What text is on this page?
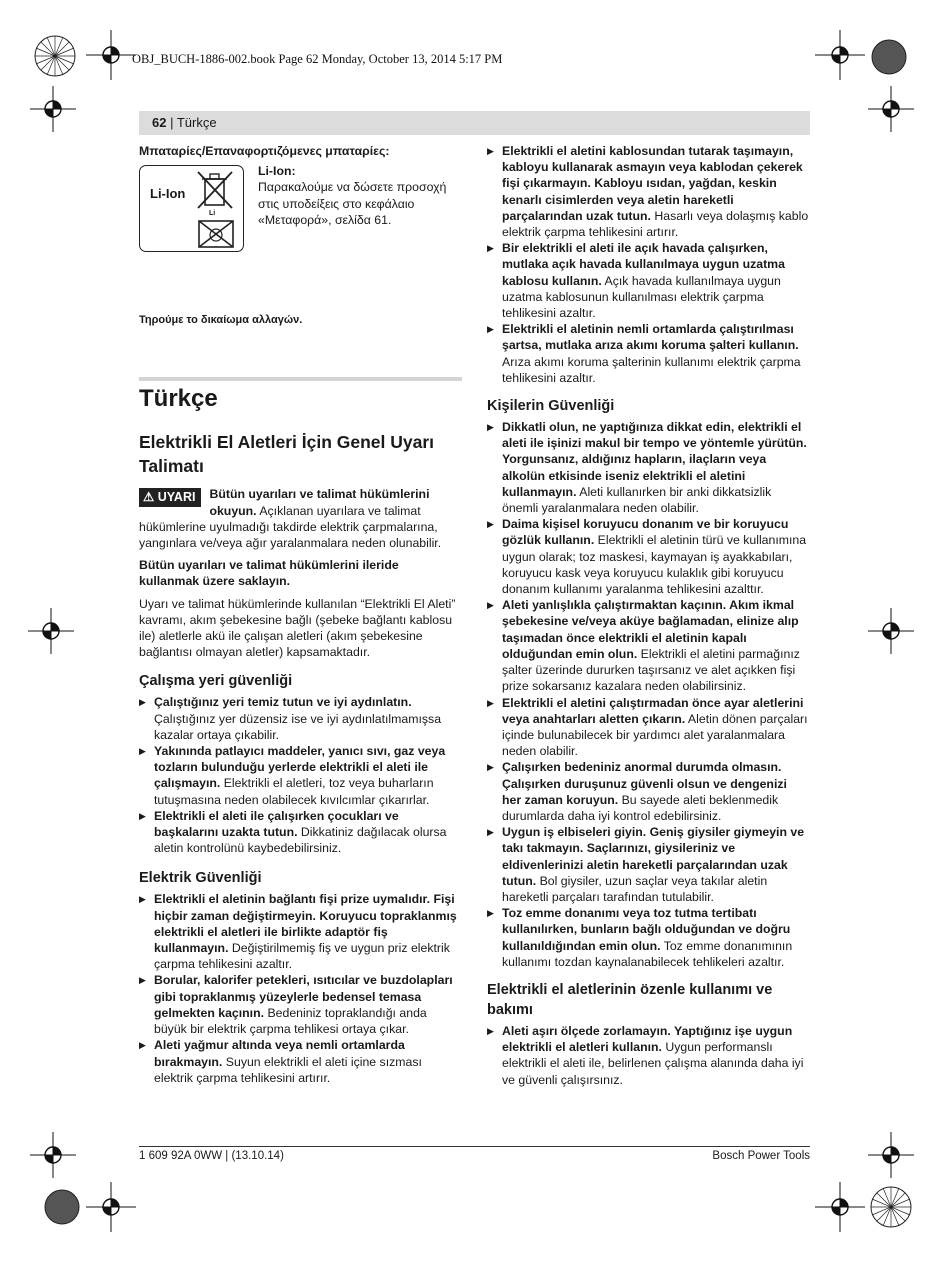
OBJ_BUCH-1886-002.book Page 62 Monday, October 13, 2014 5:17 PM
62 | Türkçe

Μπαταρίες/Επαναφορτιζόμενες μπαταρίες:

Li-Ion
Li

Li-Ion:

Παρακαλούμε να δώσετε προσοχή στις υποδείξεις στο κεφάλαιο «Μεταφορά», σελίδα 61.

Τηρούμε το δικαίωμα αλλαγών.

Türkçe
Elektrikli El Aletleri İçin Genel Uyarı Talimatı

⚠ UYARI	Bütün uyarıları ve talimat hükümlerini okuyun. Açıklanan uyarılara ve talimat hükümlerine uyulmadığı takdirde elektrik çarpmalarına, yangınlara ve/veya ağır yaralanmalara neden olunabilir.

Bütün uyarıları ve talimat hükümlerini ileride kullanmak üzere saklayın.

Uyarı ve talimat hükümlerinde kullanılan “Elektrikli El Aleti” kavramı, akım şebekesine bağlı (şebeke bağlantı kablosu ile) aletlerle akü ile çalışan aletleri (akım şebekesine bağlantısı olmayan aletler) kapsamaktadır.

Çalışma yeri güvenliği

▶ Çalıştığınız yeri temiz tutun ve iyi aydınlatın. Çalıştığınız yer düzensiz ise ve iyi aydınlatılmamışsa kazalar ortaya çıkabilir.

▶ Yakınında patlayıcı maddeler, yanıcı sıvı, gaz veya tozların bulunduğu yerlerde elektrikli el aleti ile çalışmayın. Elektrikli el aletleri, toz veya buharların tutuşmasına neden olabilecek kıvılcımlar çıkarırlar.

▶ Elektrikli el aleti ile çalışırken çocukları ve başkalarını uzakta tutun. Dikkatiniz dağılacak olursa aletin kontrolünü kaybedebilirsiniz.

Elektrik Güvenliği

▶ Elektrikli el aletinin bağlantı fişi prize uymalıdır. Fişi hiçbir zaman değiştirmeyin. Koruyucu topraklanmış elektrikli el aletleri ile birlikte adaptör fiş kullanmayın. Değiştirilmemiş fiş ve uygun priz elektrik çarpma tehlikesini azaltır.

▶ Borular, kalorifer petekleri, ısıtıcılar ve buzdolapları gibi topraklanmış yüzeylerle bedensel temasa gelmekten kaçının. Bedeniniz topraklandığı anda büyük bir elektrik çarpma tehlikesi ortaya çıkar.

▶ Aleti yağmur altında veya nemli ortamlarda bırakmayın. Suyun elektrikli el aleti içine sızması elektrik çarpma tehlikesini artırır.

▶ Elektrikli el aletini kablosundan tutarak taşımayın, kabloyu kullanarak asmayın veya kablodan çekerek fişi çıkarmayın. Kabloyu ısıdan, yağdan, keskin kenarlı cisimlerden veya aletin hareketli parçalarından uzak tutun. Hasarlı veya dolaşmış kablo elektrik çarpma tehlikesini artırır.

▶ Bir elektrikli el aleti ile açık havada çalışırken, mutlaka açık havada kullanılmaya uygun uzatma kablosu kullanın. Açık havada kullanılmaya uygun uzatma kablosunun kullanılması elektrik çarpma tehlikesini azaltır.

▶ Elektrikli el aletinin nemli ortamlarda çalıştırılması şartsa, mutlaka arıza akımı koruma şalteri kullanın. Arıza akımı koruma şalterinin kullanımı elektrik çarpma tehlikesini azaltır.

Kişilerin Güvenliği

▶ Dikkatli olun, ne yaptığınıza dikkat edin, elektrikli el aleti ile işinizi makul bir tempo ve yöntemle yürütün. Yorgunsanız, aldığınız hapların, ilaçların veya alkolün etkisinde iseniz elektrikli el aletini kullanmayın. Aleti kullanırken bir anki dikkatsizlik önemli yaralanmalara neden olabilir.

▶ Daima kişisel koruyucu donanım ve bir koruyucu gözlük kullanın. Elektrikli el aletinin türü ve kullanımına uygun olarak; toz maskesi, kaymayan iş ayakkabıları, koruyucu kask veya koruyucu kulaklık gibi koruyucu donanım kullanımı yaralanma tehlikesini azalttır.

▶ Aleti yanlışlıkla çalıştırmaktan kaçının. Akım ikmal şebekesine ve/veya aküye bağlamadan, elinize alıp taşımadan önce elektrikli el aletinin kapalı olduğundan emin olun. Elektrikli el aletini parmağınız şalter üzerinde dururken taşırsanız ve alet açıkken fişi prize sokarsanız kazalara neden olabilirsiniz.

▶ Elektrikli el aletini çalıştırmadan önce ayar aletlerini veya anahtarları aletten çıkarın. Aletin dönen parçaları içinde bulunabilecek bir yardımcı alet yaralanmalara neden olabilir.

▶ Çalışırken bedeniniz anormal durumda olmasın. Çalışırken duruşunuz güvenli olsun ve dengenizi her zaman koruyun. Bu sayede aleti beklenmedik durumlarda daha iyi kontrol edebilirsiniz.

▶ Uygun iş elbiseleri giyin. Geniş giysiler giymeyin ve takı takmayın. Saçlarınızı, giysileriniz ve eldivenlerinizi aletin hareketli parçalarından uzak tutun. Bol giysiler, uzun saçlar veya takılar aletin hareketli parçaları tarafından tutulabilir.

▶ Toz emme donanımı veya toz tutma tertibatı kullanılırken, bunların bağlı olduğundan ve doğru kullanıldığından emin olun. Toz emme donanımının kullanımı tozdan kaynalanabilecek tehlikeleri azaltır.

Elektrikli el aletlerinin özenle kullanımı ve bakımı

▶ Aleti aşırı ölçede zorlamayın. Yaptığınız işe uygun elektrikli el aletleri kullanın. Uygun performanslı elektrikli el aleti ile, belirlenen çalışma alanında daha iyi ve güvenli çalışırsınız.

1 609 92A 0WW | (13.10.14)	Bosch Power Tools
